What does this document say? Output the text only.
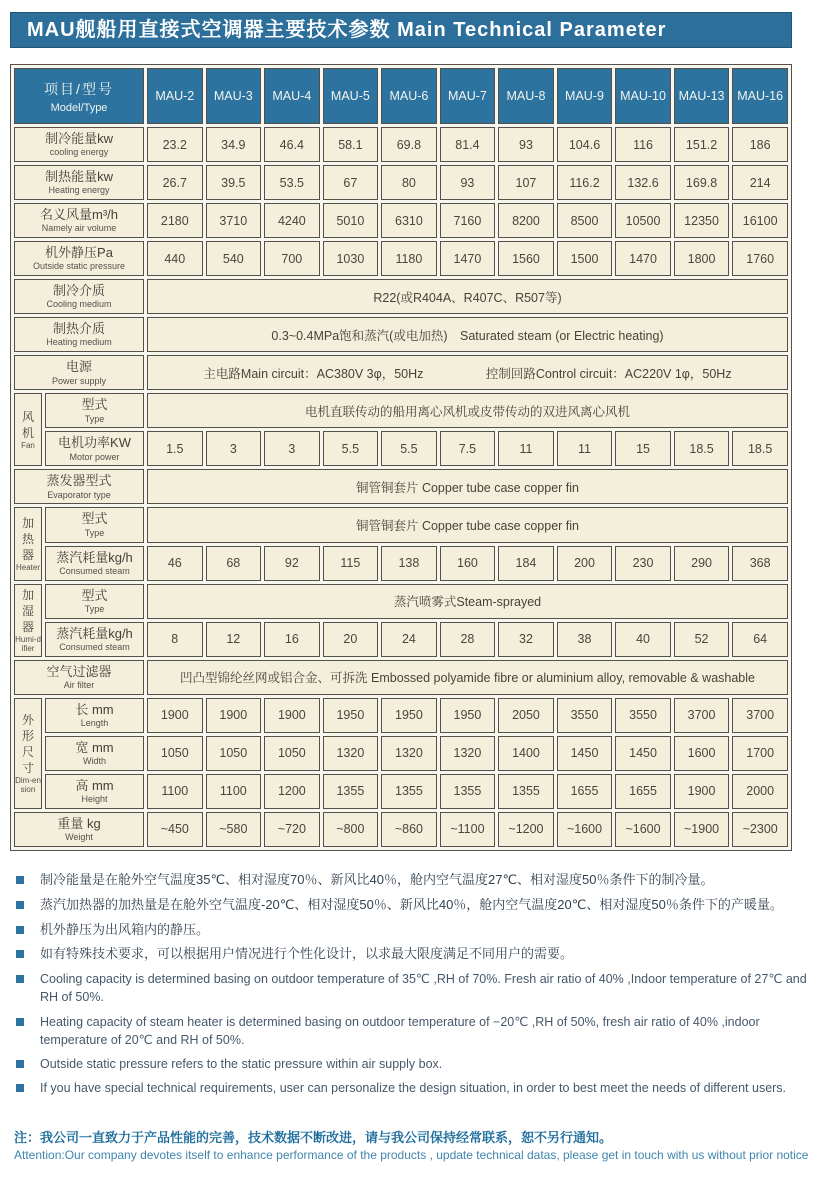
MAU舰船用直接式空调器主要技术参数 Main Technical Parameter
项目/型号
Model/Type		MAU-2	MAU-3	MAU-4	MAU-5	MAU-6	MAU-7	MAU-8	MAU-9	MAU-10	MAU-13	MAU-16

制冷能量kw
cooling energy		23.2	34.9	46.4	58.1	69.8	81.4	93	104.6	116	151.2	186

制热能量kw
Heating energy		26.7	39.5	53.5	67	80	93	107	116.2	132.6	169.8	214

名义风量m³/h
Namely air volume		2180	3710	4240	5010	6310	7160	8200	8500	10500	12350	16100

机外静压Pa
Outside static pressure		440	540	700	1030	1180	1470	1560	1500	1470	1800	1760

制冷介质
Cooling medium		R22(或R404A、R407C、R507等)										

制热介质
Heating medium		0.3~0.4MPa饱和蒸汽(或电加热)　Saturated steam (or Electric heating)										

电源
Power supply		主电路Main circuit：AC380V 3φ，50Hz　　　　　控制回路Control circuit：AC220V 1φ，50Hz										

风机
Fan

型式
Type	电机直联传动的船用离心风机或皮带传动的双进风离心风机

	电机功率KW
Motor power	1.5	3	3	5.5	5.5	7.5	11	11	15	18.5	18.5

蒸发器型式
Evaporator type		铜管铜套片 Copper tube case copper fin										

加热器
Heater

型式
Type	铜管铜套片 Copper tube case copper fin

	蒸汽耗量kg/h
Consumed steam	46	68	92	115	138	160	184	200	230	290	368

加湿器
Humi-difier

型式
Type	蒸汽喷雾式Steam-sprayed

	蒸汽耗量kg/h
Consumed steam	8	12	16	20	24	28	32	38	40	52	64

空气过滤器
Air filter		凹凸型锦纶丝网或铝合金、可拆洗 Embossed polyamide fibre or aluminium alloy, removable & washable										

外形尺寸
Dim-ension

长 mm
Length
	1900	1900	1900	1950	1950	1950	2050	3550	3550	3700	3700

	宽 mm
Width	1050	1050	1050	1320	1320	1320	1400	1450	1450	1600	1700

	高 mm
Height	1100	1100	1200	1355	1355	1355	1355	1655	1655	1900	2000

重量 kg
Weight		~450	~580	~720	~800	~860	~1100	~1200	~1600	~1600	~1900	~2300
制冷能量是在舱外空气温度35℃、相对湿度70％、新风比40％，舱内空气温度27℃、相对湿度50％条件下的制冷量。
蒸汽加热器的加热量是在舱外空气温度-20℃、相对湿度50％、新风比40％，舱内空气温度20℃、相对湿度50％条件下的产暖量。
机外静压为出风箱内的静压。
如有特殊技术要求，可以根据用户情况进行个性化设计，以求最大限度满足不同用户的需要。
Cooling capacity is determined basing on outdoor temperature of 35℃ ,RH of 70%. Fresh air ratio of 40% ,Indoor temperature of 27℃ and RH of 50%.
Heating capacity of steam heater is determined basing on outdoor temperature of −20℃ ,RH of 50%, fresh air ratio of 40% ,indoor temperature of 20℃ and RH of 50%.
Outside static pressure refers to the static pressure within air supply box.
If you have special technical requirements, user can personalize the design situation, in order to best meet the needs of different users.
注：我公司一直致力于产品性能的完善，技术数据不断改进，请与我公司保持经常联系，恕不另行通知。
Attention:Our company devotes itself to enhance performance of the products , update technical datas, please get in touch with us without prior notice
